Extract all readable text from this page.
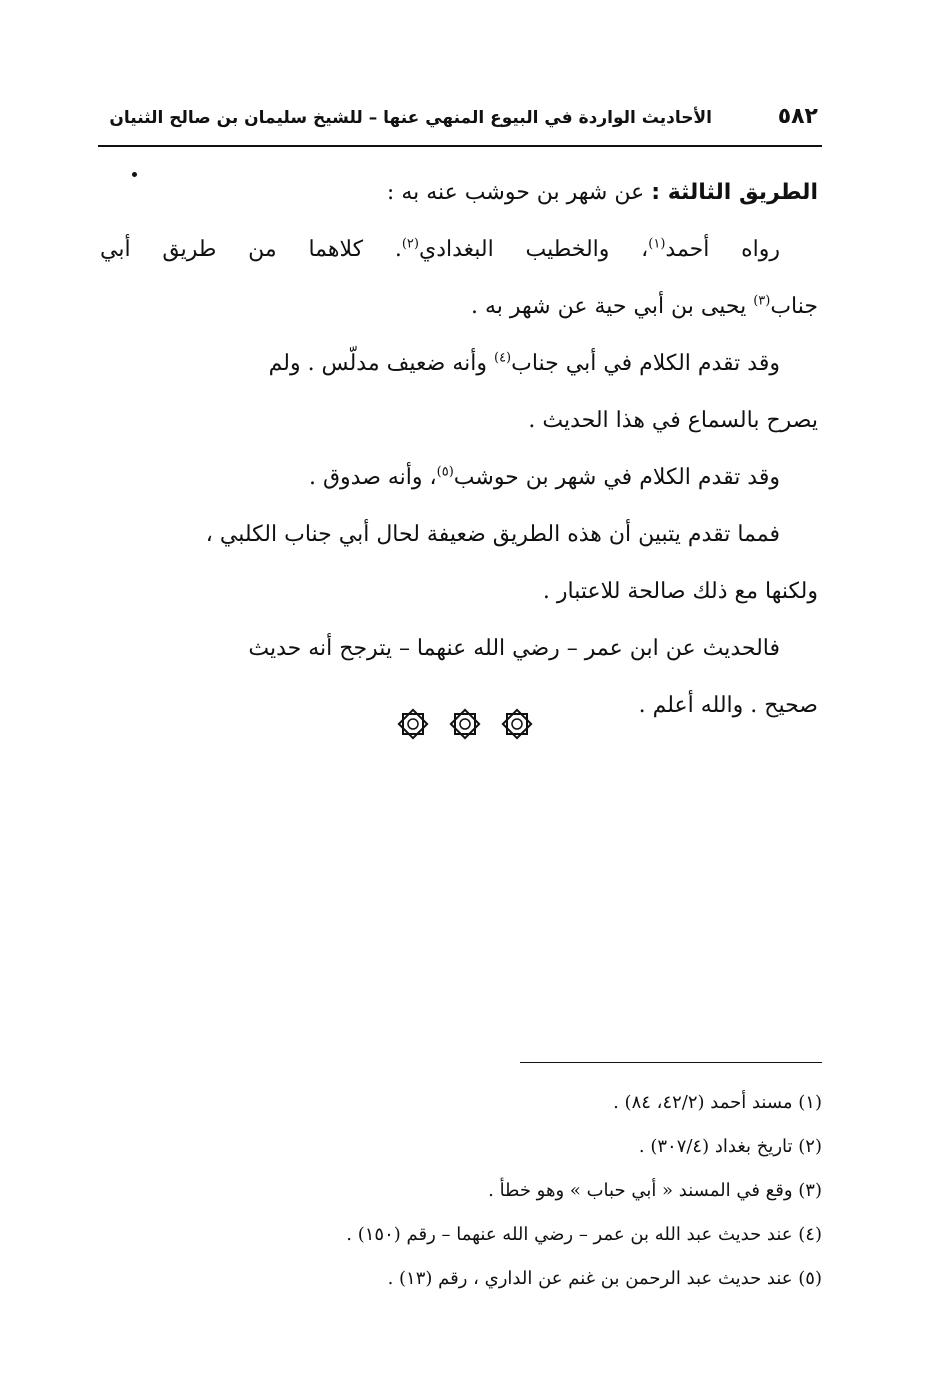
٥٨٢
الأحاديث الواردة في البيوع المنهي عنها – للشيخ سليمان بن صالح الثنيان
الطريق الثالثة : عن شهر بن حوشب عنه به :
رواه أحمد$^{(١)}$، والخطيب البغدادي$^{(٢)}$. كلاهما من طريق أبي
جناب$^{(٣)}$ يحيى بن أبي حية عن شهر به .
وقد تقدم الكلام في أبي جناب$^{(٤)}$ وأنه ضعيف مدلّس . ولم
يصرح بالسماع في هذا الحديث .
وقد تقدم الكلام في شهر بن حوشب$^{(٥)}$، وأنه صدوق .
فمما تقدم يتبين أن هذه الطريق ضعيفة لحال أبي جناب الكلبي ،
ولكنها مع ذلك صالحة للاعتبار .
فالحديث عن ابن عمر – رضي الله عنهما – يترجح أنه حديث
صحيح . والله أعلم .
(١) مسند أحمد (٤٢/٢، ٨٤) .
(٢) تاريخ بغداد (٣٠٧/٤) .
(٣) وقع في المسند « أبي حباب » وهو خطأ .
(٤) عند حديث عبد الله بن عمر – رضي الله عنهما – رقم (١٥٠) .
(٥) عند حديث عبد الرحمن بن غنم عن الداري ، رقم (١٣) .
